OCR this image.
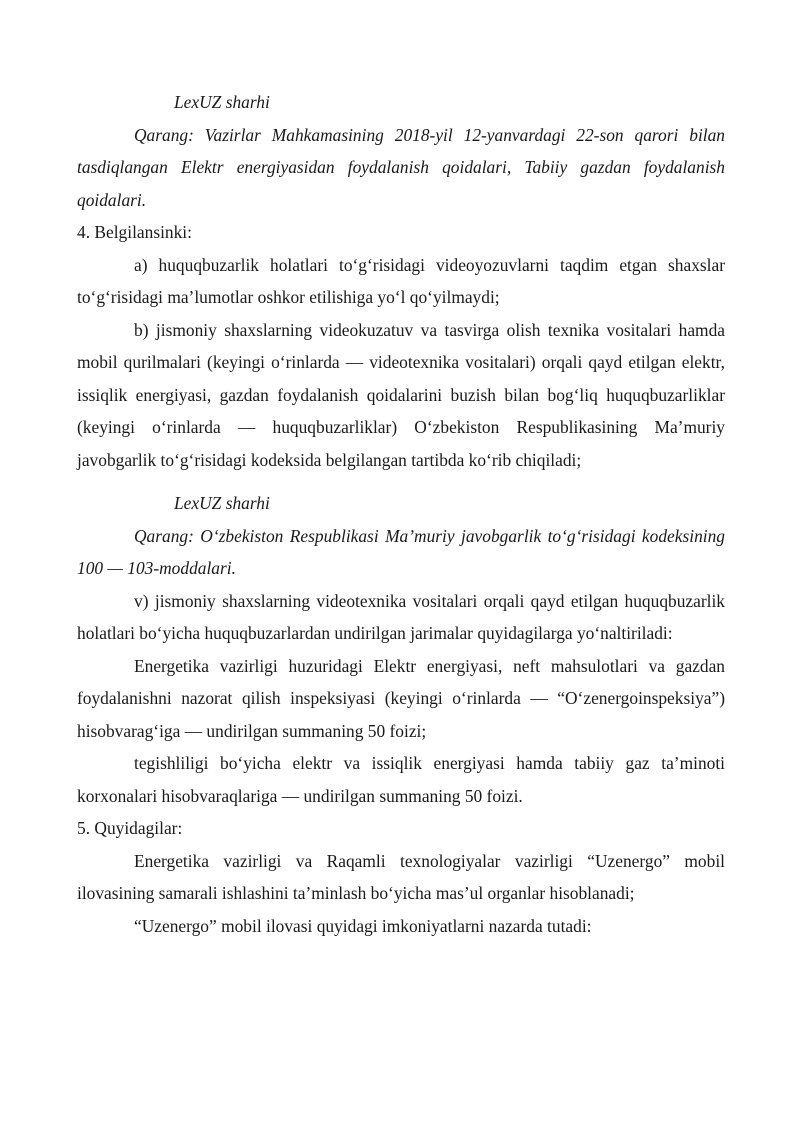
LexUZ sharhi

Qarang: Vazirlar Mahkamasining 2018-yil 12-yanvardagi 22-son qarori bilan tasdiqlangan Elektr energiyasidan foydalanish qoidalari, Tabiiy gazdan foydalanish qoidalari.

4. Belgilansinki:

a) huquqbuzarlik holatlari to‘g‘risidagi videoyozuvlarni taqdim etgan shaxslar to‘g‘risidagi ma’lumotlar oshkor etilishiga yo‘l qo‘yilmaydi;

b) jismoniy shaxslarning videokuzatuv va tasvirga olish texnika vositalari hamda mobil qurilmalari (keyingi o‘rinlarda — videotexnika vositalari) orqali qayd etilgan elektr, issiqlik energiyasi, gazdan foydalanish qoidalarini buzish bilan bog‘liq huquqbuzarliklar (keyingi o‘rinlarda — huquqbuzarliklar) O‘zbekiston Respublikasining Ma’muriy javobgarlik to‘g‘risidagi kodeksida belgilangan tartibda ko‘rib chiqiladi;

LexUZ sharhi

Qarang: O‘zbekiston Respublikasi Ma’muriy javobgarlik to‘g‘risidagi kodeksining 100 — 103-moddalari.

v) jismoniy shaxslarning videotexnika vositalari orqali qayd etilgan huquqbuzarlik holatlari bo‘yicha huquqbuzarlardan undirilgan jarimalar quyidagilarga yo‘naltiriladi:

Energetika vazirligi huzuridagi Elektr energiyasi, neft mahsulotlari va gazdan foydalanishni nazorat qilish inspeksiyasi (keyingi o‘rinlarda — “O‘zenergoinspeksiya”) hisobvarag‘iga — undirilgan summaning 50 foizi;

tegishliligi bo‘yicha elektr va issiqlik energiyasi hamda tabiiy gaz ta’minoti korxonalari hisobvaraqlariga — undirilgan summaning 50 foizi.

5. Quyidagilar:

Energetika vazirligi va Raqamli texnologiyalar vazirligi “Uzenergo” mobil ilovasining samarali ishlashini ta’minlash bo‘yicha mas’ul organlar hisoblanadi;

“Uzenergo” mobil ilovasi quyidagi imkoniyatlarni nazarda tutadi:
